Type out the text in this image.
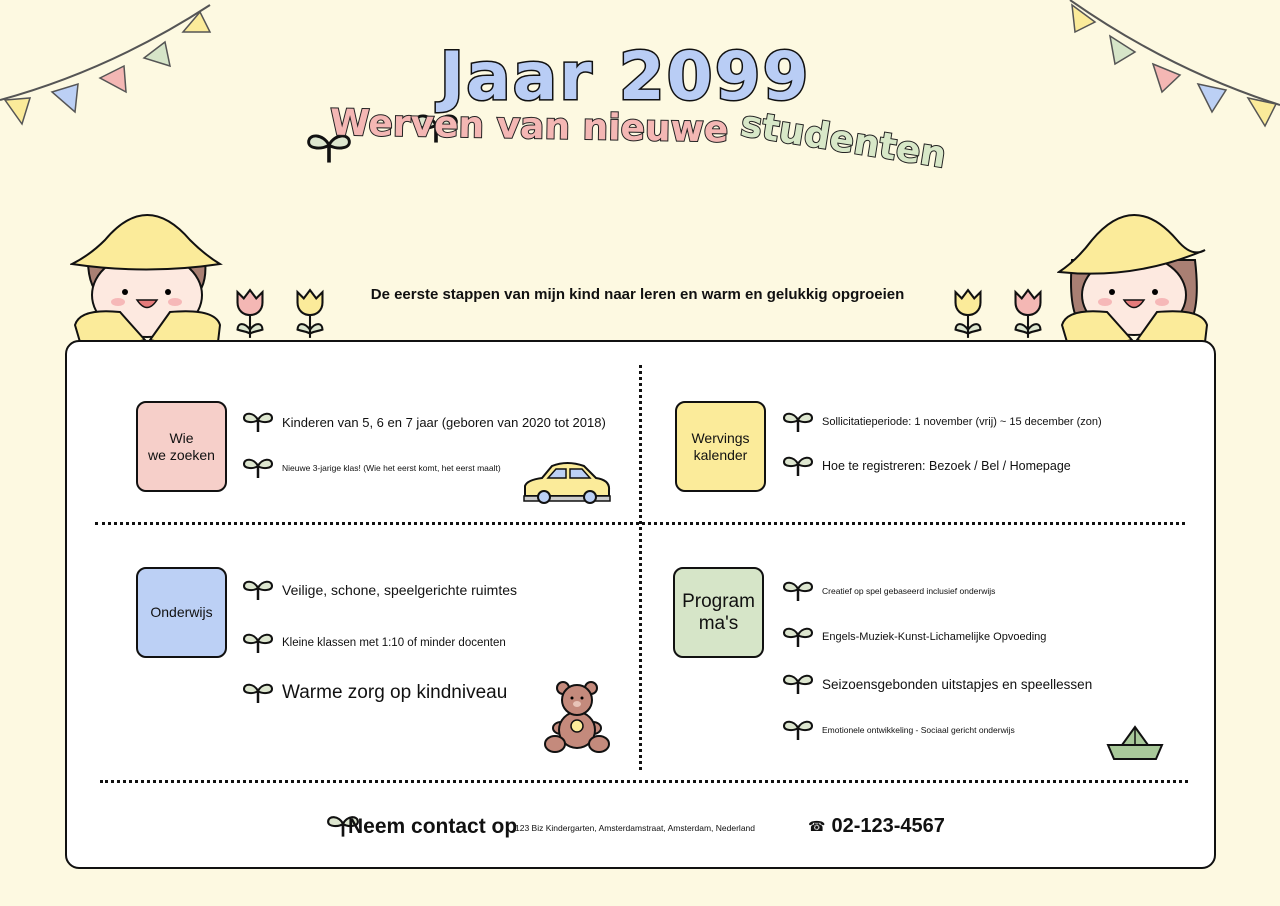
Jaar 2099
Werven van nieuwe studenten
De eerste stappen van mijn kind naar leren en warm en gelukkig opgroeien
Wie
we zoeken
Kinderen van 5, 6 en 7 jaar (geboren van 2020 tot 2018)
Nieuwe 3-jarige klas! (Wie het eerst komt, het eerst maalt)
Wervings
kalender
Sollicitatieperiode: 1 november (vrij) ~ 15 december (zon)
Hoe te registreren: Bezoek / Bel / Homepage
Onderwijs
Veilige, schone, speelgerichte ruimtes
Kleine klassen met 1:10 of minder docenten
Warme zorg op kindniveau
Program
ma's
Creatief op spel gebaseerd inclusief onderwijs
Engels-Muziek-Kunst-Lichamelijke Opvoeding
Seizoensgebonden uitstapjes en speellessen
Emotionele ontwikkeling - Sociaal gericht onderwijs
Neem contact op
123 Biz Kindergarten, Amsterdamstraat, Amsterdam, Nederland	☎ 02-123-4567
